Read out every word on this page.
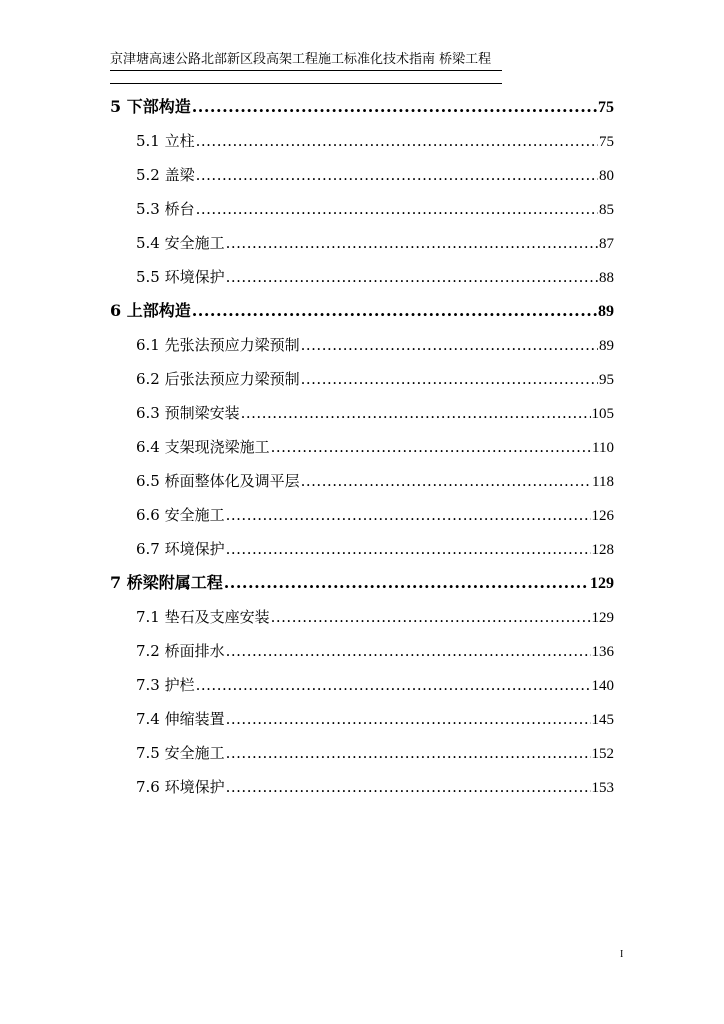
京津塘高速公路北部新区段高架工程施工标准化技术指南 桥梁工程
5 下部构造 .....	75
5.1 立柱 .....	75
5.2 盖梁 .....	80
5.3 桥台 .....	85
5.4 安全施工 .....	87
5.5 环境保护 .....	88
6 上部构造 .....	89
6.1 先张法预应力梁预制 .....	89
6.2 后张法预应力梁预制 .....	95
6.3 预制梁安装 .....	105
6.4 支架现浇梁施工 .....	110
6.5 桥面整体化及调平层 .....	118
6.6 安全施工 .....	126
6.7 环境保护 .....	128
7 桥梁附属工程 .....	129
7.1 垫石及支座安装 .....	129
7.2 桥面排水 .....	136
7.3 护栏 .....	140
7.4 伸缩装置 .....	145
7.5 安全施工 .....	152
7.6 环境保护 .....	153
I
